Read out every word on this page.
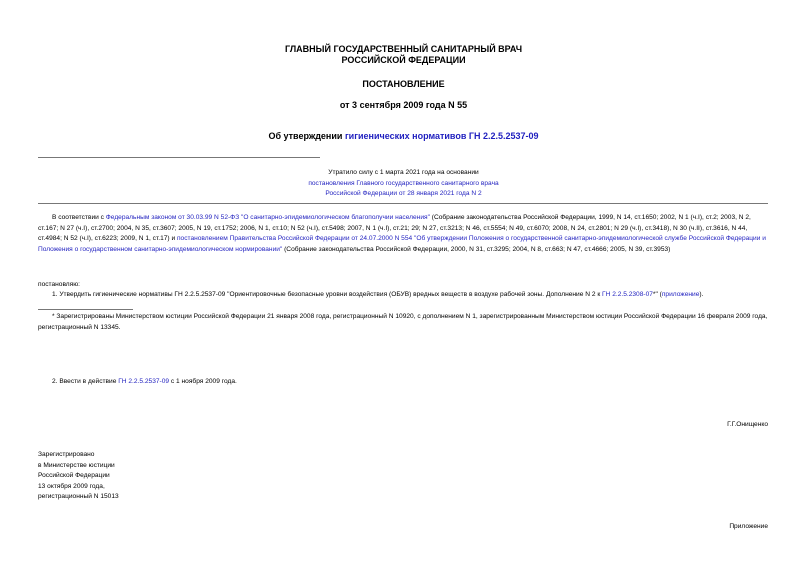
ГЛАВНЫЙ ГОСУДАРСТВЕННЫЙ САНИТАРНЫЙ ВРАЧ
РОССИЙСКОЙ ФЕДЕРАЦИИ
ПОСТАНОВЛЕНИЕ
от 3 сентября 2009 года N 55
Об утверждении гигиенических нормативов ГН 2.2.5.2537-09

Утратило силу с 1 марта 2021 года на основании

постановления Главного государственного санитарного врача

Российской Федерации от 28 января 2021 года N 2

В соответствии с Федеральным законом от 30.03.99 N 52-ФЗ "О санитарно-эпидемиологическом благополучии населения" (Собрание законодательства Российской Федерации, 1999, N 14, ст.1650; 2002, N 1 (ч.I), ст.2; 2003, N 2, ст.167; N 27 (ч.I), ст.2700; 2004, N 35, ст.3607; 2005, N 19, ст.1752; 2006, N 1, ст.10; N 52 (ч.I), ст.5498; 2007, N 1 (ч.I), ст.21; 29; N 27, ст.3213; N 46, ст.5554; N 49, ст.6070; 2008, N 24, ст.2801; N 29 (ч.I), ст.3418), N 30 (ч.II), ст.3616, N 44, ст.4984; N 52 (ч.I), ст.6223; 2009, N 1, ст.17) и постановлением Правительства Российской Федерации от 24.07.2000 N 554 "Об утверждении Положения о государственной санитарно-эпидемиологической службе Российской Федерации и Положения о государственном санитарно-эпидемиологическом нормировании" (Собрание законодательства Российской Федерации, 2000, N 31, ст.3295; 2004, N 8, ст.663; N 47, ст.4666; 2005, N 39, ст.3953)
постановляю:
1. Утвердить гигиенические нормативы ГН 2.2.5.2537-09 "Ориентировочные безопасные уровни воздействия (ОБУВ) вредных веществ в воздухе рабочей зоны. Дополнение N 2 к ГН 2.2.5.2308-07*" (приложение).
* Зарегистрированы Министерством юстиции Российской Федерации 21 января 2008 года, регистрационный N 10920, с дополнением N 1, зарегистрированным Министерством юстиции Российской Федерации 16 февраля 2009 года, регистрационный N 13345.
2. Ввести в действие ГН 2.2.5.2537-09 с 1 ноября 2009 года.
Г.Г.Онищенко

Зарегистрировано

в Министерстве юстиции

Российской Федерации

13 октября 2009 года,

регистрационный N 15013

Приложение
